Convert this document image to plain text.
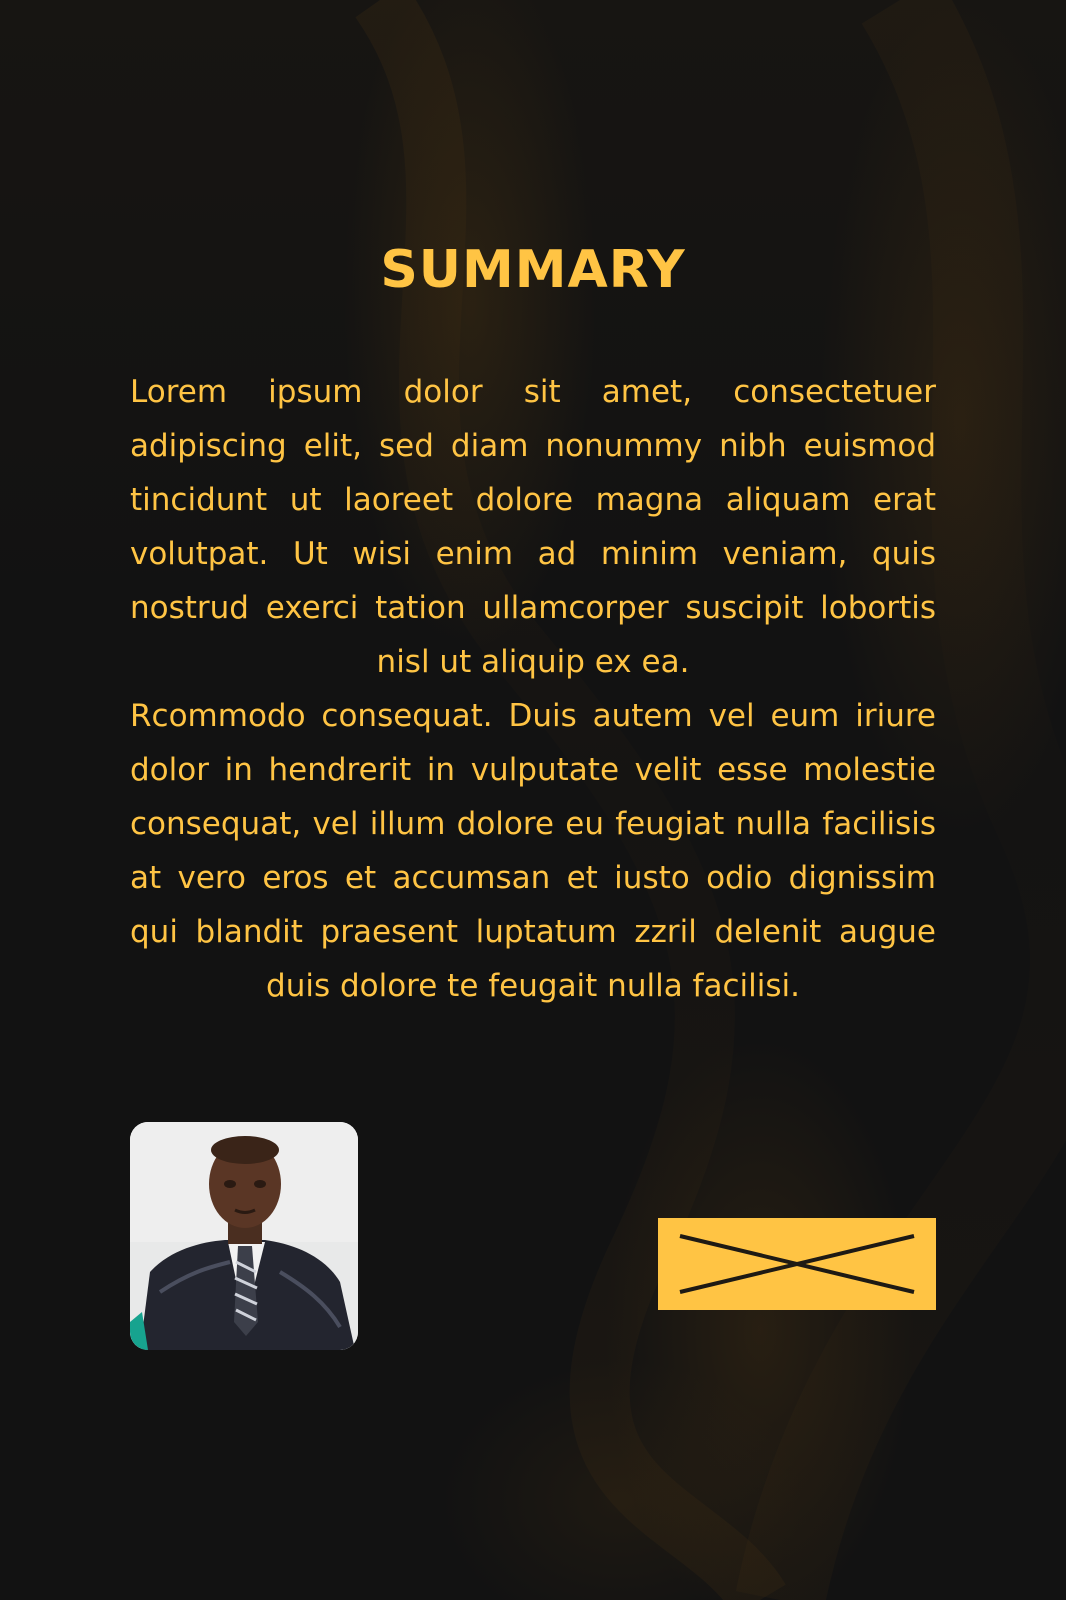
SUMMARY

Lorem ipsum dolor sit amet, consectetuer adipiscing elit, sed diam nonummy nibh euismod tincidunt ut laoreet dolore magna aliquam erat volutpat. Ut wisi enim ad minim veniam, quis nostrud exerci tation ullamcorper suscipit lobortis nisl ut aliquip ex ea.

Rcommodo consequat. Duis autem vel eum iriure dolor in hendrerit in vulputate velit esse molestie consequat, vel illum dolore eu feugiat nulla facilisis at vero eros et accumsan et iusto odio dignissim qui blandit praesent luptatum zzril delenit augue duis dolore te feugait nulla facilisi.
